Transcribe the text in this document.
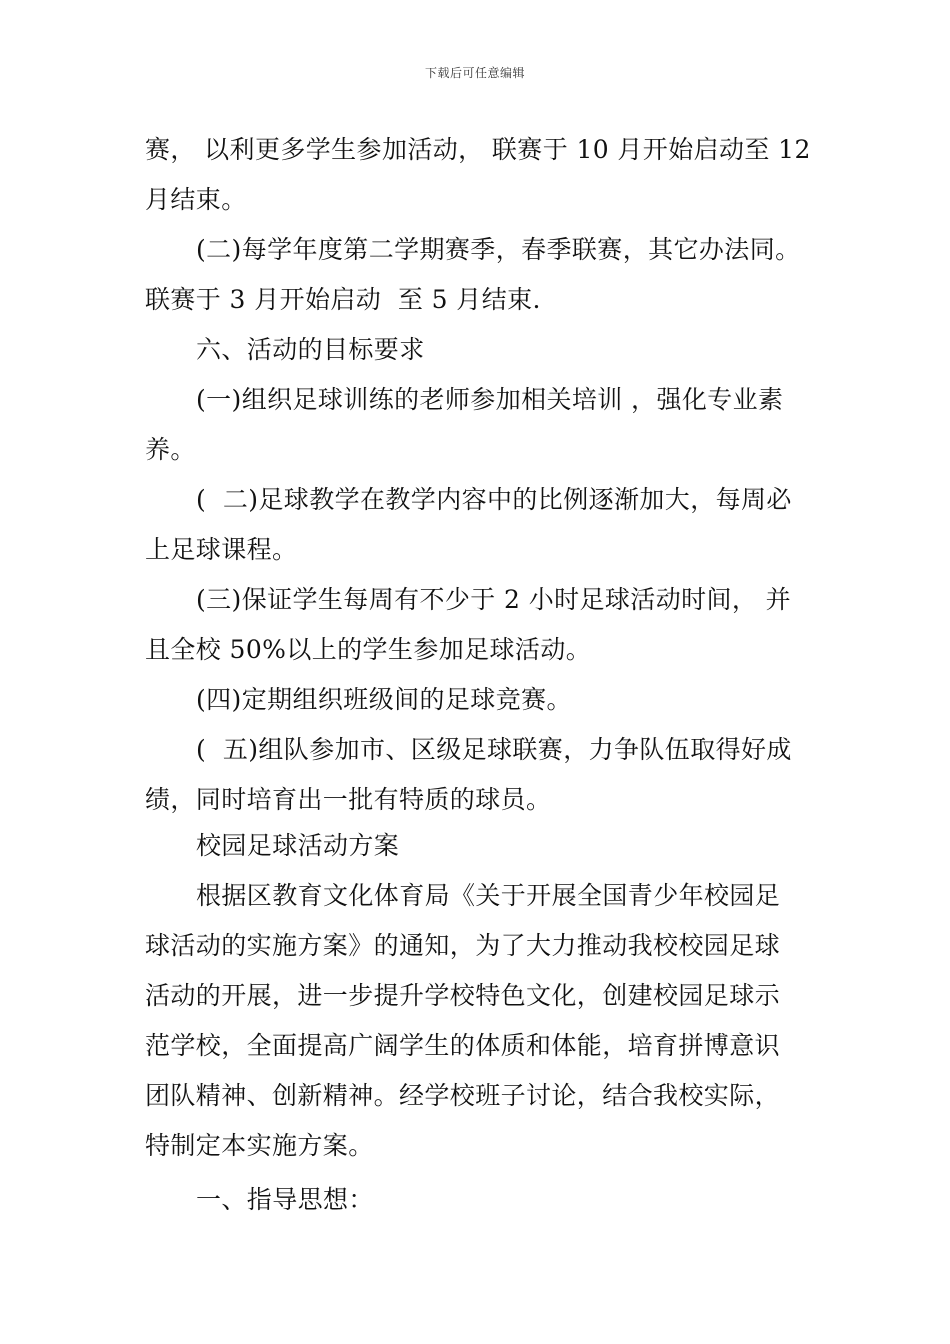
下载后可任意编辑
赛， 以利更多学生参加活动， 联赛于 10 月开始启动至 12
月结束。
(二)每学年度第二学期赛季，春季联赛，其它办法同。
联赛于 3 月开始启动  至 5 月结束.
六、活动的目标要求
(一)组织足球训练的老师参加相关培训 ，强化专业素
养。
(  二)足球教学在教学内容中的比例逐渐加大，每周必
上足球课程。
(三)保证学生每周有不少于 2 小时足球活动时间， 并
且全校 50%以上的学生参加足球活动。
(四)定期组织班级间的足球竞赛。
(  五)组队参加市、区级足球联赛，力争队伍取得好成
绩，同时培育出一批有特质的球员。
校园足球活动方案
根据区教育文化体育局《关于开展全国青少年校园足
球活动的实施方案》的通知，为了大力推动我校校园足球
活动的开展，进一步提升学校特色文化，创建校园足球示
范学校，全面提高广阔学生的体质和体能，培育拼博意识
团队精神、创新精神。经学校班子讨论，结合我校实际，
特制定本实施方案。
一、指导思想：
